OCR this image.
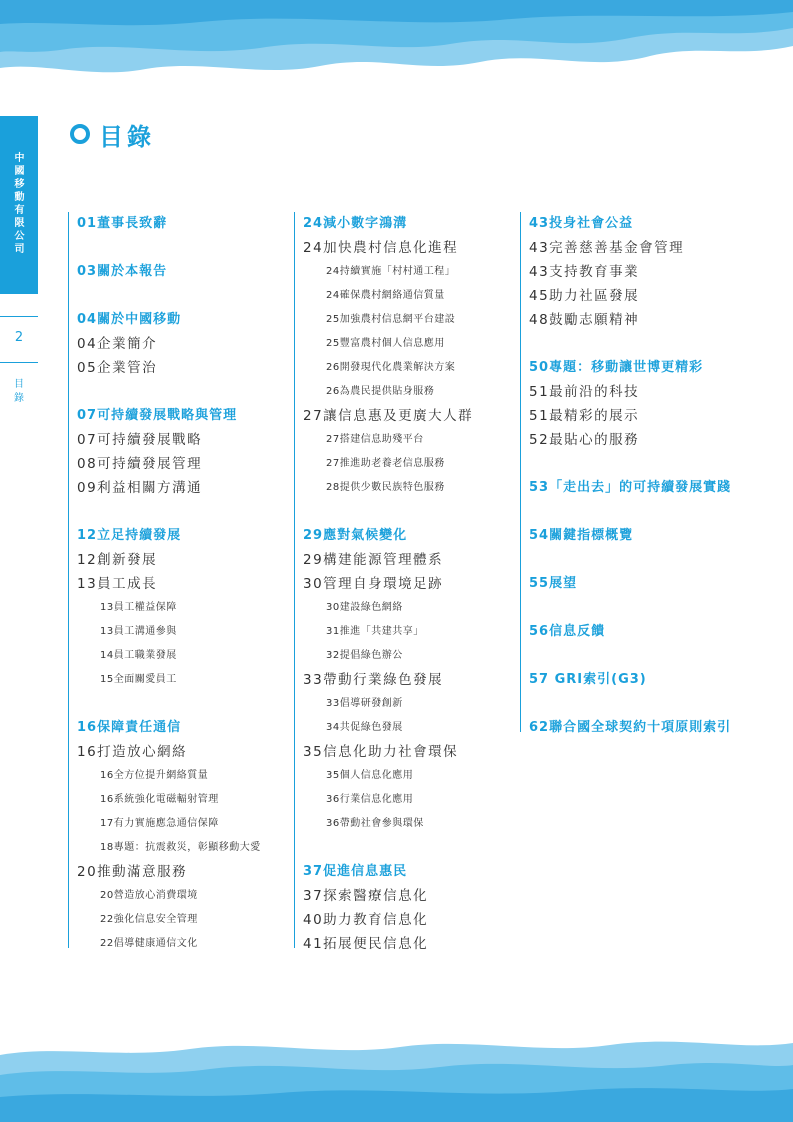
中國移動有限公司
2
目錄
目錄
01董事長致辭
03關於本報告
04關於中國移動
04企業簡介
05企業管治
07可持續發展戰略與管理
07可持續發展戰略
08可持續發展管理
09利益相關方溝通
12立足持續發展
12創新發展
13員工成長
13員工權益保障
13員工溝通參與
14員工職業發展
15全面關愛員工
16保障責任通信
16打造放心網絡
16全方位提升網絡質量
16系統強化電磁輻射管理
17有力實施應急通信保障
18專題：抗震救災，彰顯移動大愛
20推動滿意服務
20營造放心消費環境
22強化信息安全管理
22倡導健康通信文化
24減小數字鴻溝
24加快農村信息化進程
24持續實施「村村通工程」
24確保農村網絡通信質量
25加強農村信息網平台建設
25豐富農村個人信息應用
26開發現代化農業解決方案
26為農民提供貼身服務
27讓信息惠及更廣大人群
27搭建信息助殘平台
27推進助老養老信息服務
28提供少數民族特色服務
29應對氣候變化
29構建能源管理體系
30管理自身環境足跡
30建設綠色網絡
31推進「共建共享」
32提倡綠色辦公
33帶動行業綠色發展
33倡導研發創新
34共促綠色發展
35信息化助力社會環保
35個人信息化應用
36行業信息化應用
36帶動社會參與環保
37促進信息惠民
37探索醫療信息化
40助力教育信息化
41拓展便民信息化
43投身社會公益
43完善慈善基金會管理
43支持教育事業
45助力社區發展
48鼓勵志願精神
50專題：移動讓世博更精彩
51最前沿的科技
51最精彩的展示
52最貼心的服務
53「走出去」的可持續發展實踐
54關鍵指標概覽
55展望
56信息反饋
57 GRI索引(G3)
62聯合國全球契約十項原則索引
